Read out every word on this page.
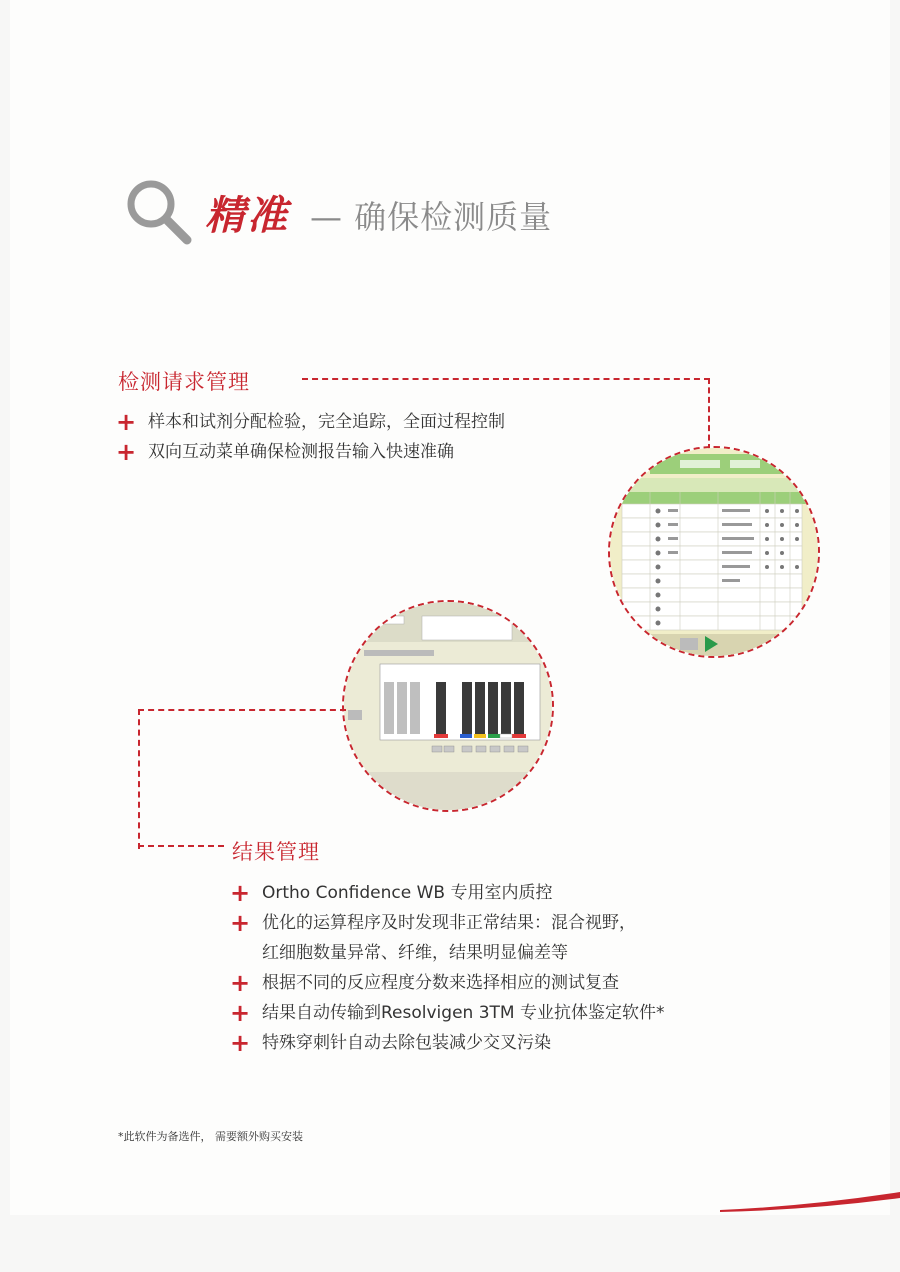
精准 — 确保检测质量
检测请求管理
+ 样本和试剂分配检验，完全追踪，全面过程控制
+ 双向互动菜单确保检测报告输入快速准确
结果管理
+ Ortho Confidence WB 专用室内质控
+ 优化的运算程序及时发现非正常结果：混合视野，
红细胞数量异常、纤维，结果明显偏差等
+ 根据不同的反应程度分数来选择相应的测试复查
+ 结果自动传输到Resolvigen 3TM 专业抗体鉴定软件*
+ 特殊穿刺针自动去除包装减少交叉污染
*此软件为备选件， 需要额外购买安装
